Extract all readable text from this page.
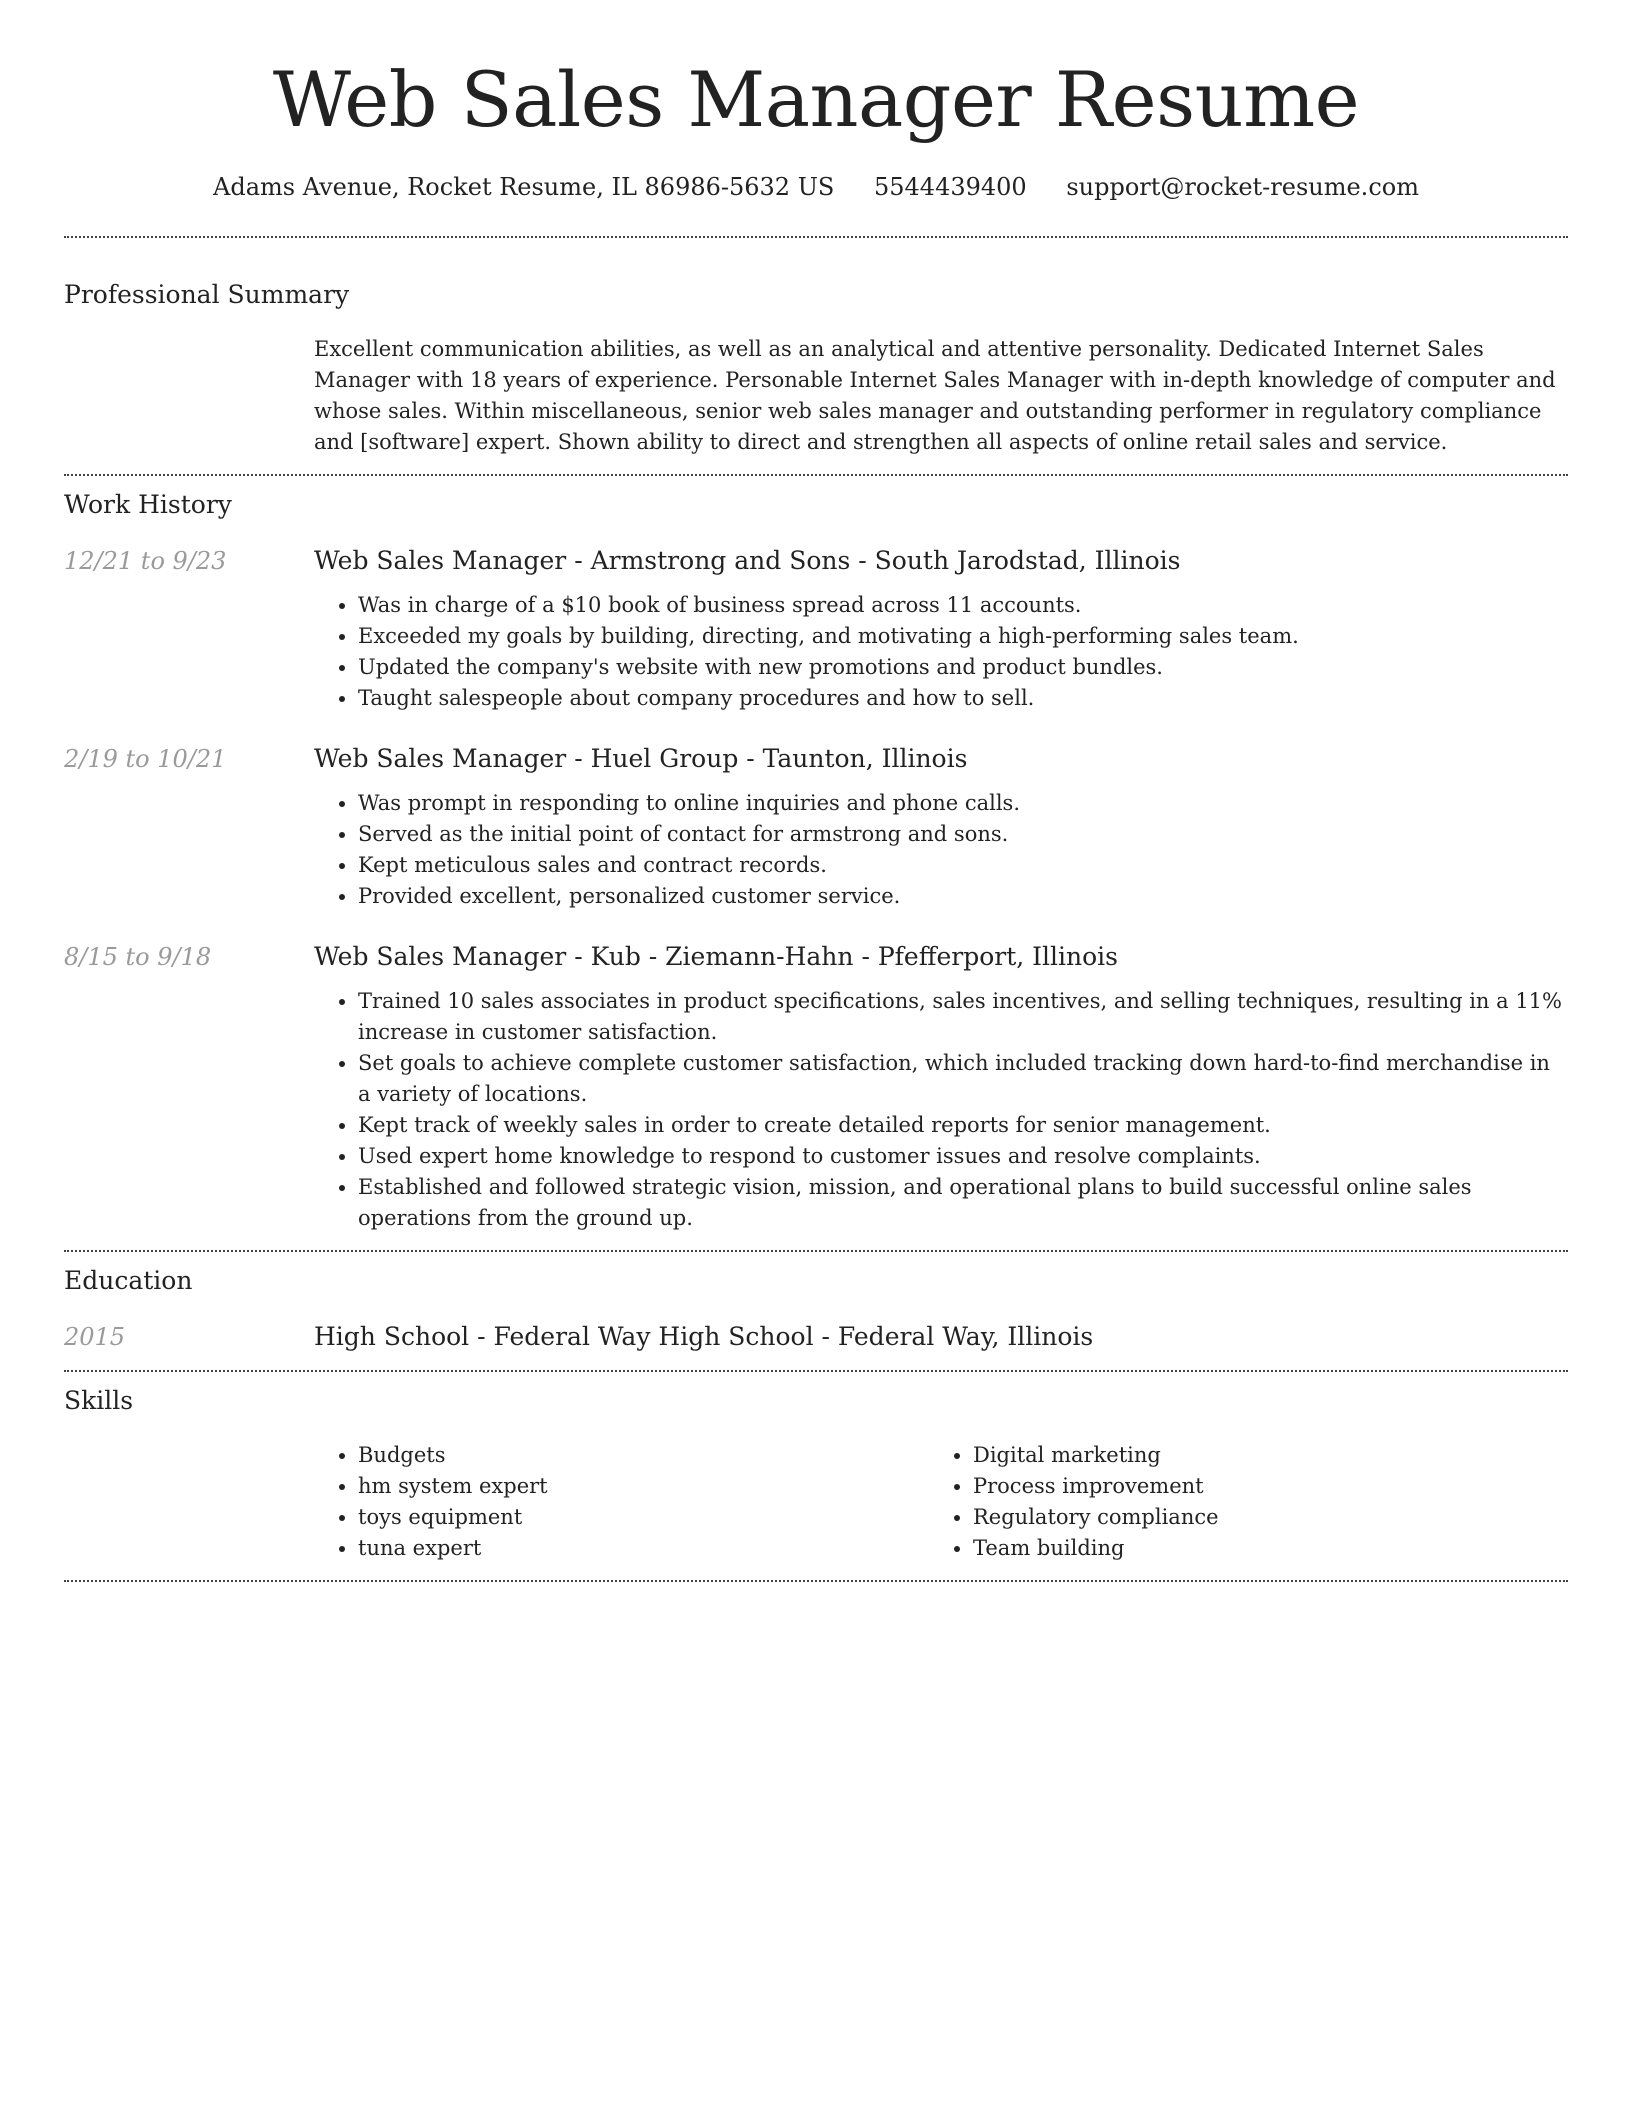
Web Sales Manager Resume
Adams Avenue, Rocket Resume, IL 86986-5632 US 5544439400 support@rocket-resume.com
Professional Summary

Excellent communication abilities, as well as an analytical and attentive personality. Dedicated Internet Sales Manager with 18 years of experience. Personable Internet Sales Manager with in-depth knowledge of computer and whose sales. Within miscellaneous, senior web sales manager and outstanding performer in regulatory compliance and [software] expert. Shown ability to direct and strengthen all aspects of online retail sales and service.

Work History
12/21 to 9/23	Web Sales Manager - Armstrong and Sons - South Jarodstad, Illinois
• Was in charge of a $10 book of business spread across 11 accounts.
• Exceeded my goals by building, directing, and motivating a high-performing sales team.
• Updated the company's website with new promotions and product bundles.
• Taught salespeople about company procedures and how to sell.
2/19 to 10/21	Web Sales Manager - Huel Group - Taunton, Illinois
• Was prompt in responding to online inquiries and phone calls.
• Served as the initial point of contact for armstrong and sons.
• Kept meticulous sales and contract records.
• Provided excellent, personalized customer service.
8/15 to 9/18	Web Sales Manager - Kub - Ziemann-Hahn - Pfefferport, Illinois
• Trained 10 sales associates in product specifications, sales incentives, and selling techniques, resulting in a 11% increase in customer satisfaction.
• Set goals to achieve complete customer satisfaction, which included tracking down hard-to-find merchandise in a variety of locations.
• Kept track of weekly sales in order to create detailed reports for senior management.
• Used expert home knowledge to respond to customer issues and resolve complaints.
• Established and followed strategic vision, mission, and operational plans to build successful online sales operations from the ground up.
Education
2015	High School - Federal Way High School - Federal Way, Illinois
Skills
• Budgets
• hm system expert
• toys equipment
• tuna expert
• Digital marketing
• Process improvement
• Regulatory compliance
• Team building
